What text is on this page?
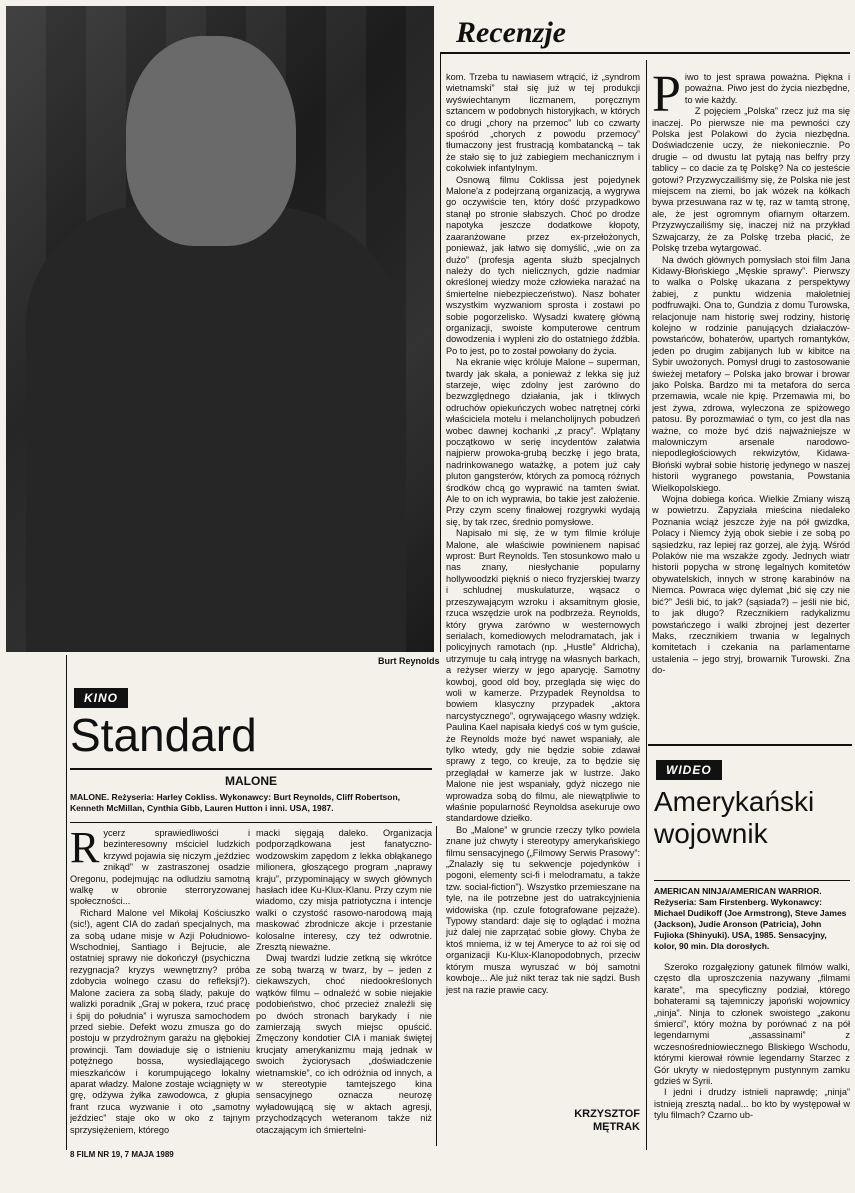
Burt Reynolds
Recenzje
KINO
Standard
MALONE
MALONE. Reżyseria: Harley Cokliss. Wykonawcy: Burt Reynolds, Cliff Robertson, Kenneth McMillan, Cynthia Gibb, Lauren Hutton i inni. USA, 1987.
R ycerz sprawiedliwości i bezinteresowny mściciel ludzkich krzywd pojawia się niczym „jeździec znikąd” w zastraszonej osadzie Oregonu, podejmując na odludziu samotną walkę w obronie sterroryzowanej społeczności...

Richard Malone vel Mikołaj Kościuszko (sic!), agent CIA do zadań specjalnych, ma za sobą udane misje w Azji Południowo-Wschodniej, Santiago i Bejrucie, ale ostatniej sprawy nie dokończył (psychiczna rezygnacja? kryzys wewnętrzny? próba zdobycia wolnego czasu do refleksji?). Malone zaciera za sobą ślady, pakuje do walizki poradnik „Graj w pokera, rzuć pracę i śpij do południa” i wyrusza samochodem przed siebie. Defekt wozu zmusza go do postoju w przydrożnym garażu na głębokiej prowincji. Tam dowiaduje się o istnieniu potężnego bossa, wysiedlającego mieszkańców i korumpującego lokalny aparat władzy. Malone zostaje wciągnięty w grę, odżywa żyłka zawodowca, z głupia frant rzuca wyzwanie i oto „samotny jeździec” staje oko w oko z tajnym sprzysiężeniem, którego

macki sięgają daleko. Organizacja podporządkowana jest fanatyczno-wodzowskim zapędom z lekka obłąkanego milionera, głoszącego program „naprawy kraju”, przypominający w swych głównych hasłach idee Ku-Klux-Klanu. Przy czym nie wiadomo, czy misja patriotyczna i intencje walki o czystość rasowo-narodową mają maskować zbrodnicze akcje i przestanie kolosalne interesy, czy też odwrotnie. Zresztą nieważne.

Dwaj twardzi ludzie zetkną się wkrótce ze sobą twarzą w twarz, by – jeden z ciekawszych, choć niedookreślonych wątków filmu – odnaleźć w sobie niejakie podobieństwo, choć przecież znaleźli się po dwóch stronach barykady i nie zamierzają swych miejsc opuścić. Zmęczony kondotier CIA i maniak świętej krucjaty amerykanizmu mają jednak w swoich życiorysach „doświadczenie wietnamskie”, co ich odróżnia od innych, a w stereotypie tamtejszego kina sensacyjnego oznacza neurozę wyładowującą się w aktach agresji, przychodzących weteranom także niż otaczającym ich śmiertelni-

kom. Trzeba tu nawiasem wtrącić, iż „syndrom wietnamski” stał się już w tej produkcji wyświechtanym liczmanem, poręcznym sztancem w podobnych historyjkach, w których co drugi „chory na przemoc” lub co czwarty spośród „chorych z powodu przemocy” tłumaczony jest frustracją kombatancką – tak że stało się to już zabiegiem mechanicznym i cokolwiek infantylnym.

Osnową filmu Coklissa jest pojedynek Malone'a z podejrzaną organizacją, a wygrywa go oczywiście ten, który dość przypadkowo stanął po stronie słabszych. Choć po drodze napotyka jeszcze dodatkowe kłopoty, zaaranżowane przez ex-przełożonych, ponieważ, jak łatwo się domyślić, „wie on za dużo” (profesja agenta służb specjalnych należy do tych nielicznych, gdzie nadmiar określonej wiedzy może człowieka narażać na śmiertelne niebezpieczeństwo). Nasz bohater wszystkim wyzwaniom sprosta i zostawi po sobie pogorzelisko. Wysadzi kwaterę główną organizacji, swoiste komputerowe centrum dowodzenia i wypleni zło do ostatniego źdźbła. Po to jest, po to został powołany do życia.

Na ekranie więc króluje Malone – superman, twardy jak skała, a ponieważ z lekka się już starzeje, więc zdolny jest zarówno do bezwzględnego działania, jak i tkliwych odruchów opiekuńczych wobec natrętnej córki właściciela motelu i melancholijnych pobudzeń wobec dawnej kochanki „z pracy”. Wplątany początkowo w serię incydentów załatwia najpierw prowoka-grubą beczkę i jego brata, nadrinkowanego watażkę, a potem już cały pluton gangsterów, których za pomocą różnych środków chcą go wyprawić na tamten świat. Ale to on ich wyprawia, bo takie jest założenie. Przy czym sceny finałowej rozgrywki wydają się, by tak rzec, średnio pomysłowe.

Napisało mi się, że w tym filmie króluje Malone, ale właściwie powinienem napisać wprost: Burt Reynolds. Ten stosunkowo mało u nas znany, niesłychanie popularny hollywoodzki piękniś o nieco fryzjerskiej twarzy i schludnej muskulaturze, wąsacz o przeszywającym wzroku i aksamitnym głosie, rzuca wszędzie urok na podbrzeża. Reynolds, który grywa zarówno w westernowych serialach, komediowych melodramatach, jak i policyjnych ramotach (np. „Hustle” Aldricha), utrzymuje tu całą intrygę na własnych barkach, a reżyser wierzy w jego aparycję. Samotny kowboj, good old boy, przegląda się więc do woli w kamerze. Przypadek Reynoldsa to bowiem klasyczny przypadek „aktora narcystycznego”, ogrywającego własny wdzięk. Paulina Kael napisała kiedyś coś w tym guście, że Reynolds może być nawet wspaniały, ale tylko wtedy, gdy nie będzie sobie zdawał sprawy z tego, co kreuje, za to będzie się przeglądał w kamerze jak w lustrze. Jako Malone nie jest wspaniały, gdyż niczego nie wprowadza sobą do filmu, ale niewątpliwie to właśnie popularność Reynoldsa asekuruje owo standardowe dziełko.

Bo „Malone” w gruncie rzeczy tylko powiela znane już chwyty i stereotypy amerykańskiego filmu sensacyjnego („Filmowy Serwis Prasowy”: „Znalazły się tu sekwencje pojedynków i pogoni, elementy sci-fi i melodramatu, a także tzw. social-fiction”). Wszystko przemieszane na tyle, na ile potrzebne jest do uatrakcyjnienia widowiska (np. czule fotografowane pejzaże). Typowy standard: daje się to oglądać i można już dalej nie zaprzątać sobie głowy. Chyba że ktoś mniema, iż w tej Ameryce to aż roi się od organizacji Ku-Klux-Klanopodobnych, przeciw którym musza wyruszać w bój samotni kowboje... Ale już nikt teraz tak nie sądzi. Bush jest na razie prawie cacy.

KRZYSZTOF
MĘTRAK
P iwo to jest sprawa poważna. Piękna i poważna. Piwo jest do życia niezbędne, to wie każdy.

Z pojęciem „Polska” rzecz już ma się inaczej. Po pierwsze nie ma pewności czy Polska jest Polakowi do życia niezbędna. Doświadczenie uczy, że niekoniecznie. Po drugie – od dwustu lat pytają nas belfry przy tablicy – co dacie za tę Polskę? Na co jesteście gotowi? Przyzwyczailiśmy się, że Polska nie jest miejscem na ziemi, bo jak wózek na kółkach bywa przesuwana raz w tę, raz w tamtą stronę, ale, że jest ogromnym ofiarnym ołtarzem. Przyzwyczailiśmy się, inaczej niż na przykład Szwajcarzy, że za Polskę trzeba płacić, że Polskę trzeba wytargować.

Na dwóch głównych pomysłach stoi film Jana Kidawy-Błońskiego „Męskie sprawy”. Pierwszy to walka o Polskę ukazana z perspektywy żabiej, z punktu widzenia małoletniej podfruwajki. Ona to, Gundzia z domu Turowska, relacjonuje nam historię swej rodziny, historię kolejno w rodzinie panujących działaczów-powstańców, bohaterów, upartych romantyków, jeden po drugim zabijanych lub w kibitce na Sybir uwożonych. Pomysł drugi to zastosowanie świeżej metafory – Polska jako browar i browar jako Polska. Bardzo mi ta metafora do serca przemawia, wcale nie kpię. Przemawia mi, bo jest żywa, zdrowa, wyleczona ze spiżowego patosu. By porozmawiać o tym, co jest dla nas ważne, co może być dziś najważniejsze w malowniczym arsenale narodowo-niepodległościowych rekwizytów, Kidawa-Błoński wybrał sobie historię jedynego w naszej historii wygranego powstania, Powstania Wielkopolskiego.

Wojna dobiega końca. Wielkie Zmiany wiszą w powietrzu. Zapyziała mieścina niedaleko Poznania wciąż jeszcze żyje na pół gwizdka, Polacy i Niemcy żyją obok siebie i ze sobą po sąsiedzku, raz lepiej raz gorzej, ale żyją. Wśród Polaków nie ma wszakże zgody. Jednych wiatr historii popycha w stronę legalnych komitetów obywatelskich, innych w stronę karabinów na Niemca. Powraca więc dylemat „bić się czy nie bić?” Jeśli bić, to jak? (sąsiada?) – jeśli nie bić, to jak długo? Rzecznikiem radykalizmu powstańczego i walki zbrojnej jest dezerter Maks, rzecznikiem trwania w legalnych komitetach i czekania na parlamentarne ustalenia – jego stryj, browarnik Turowski. Zna do-

WIDEO
Amerykański
wojownik
AMERICAN NINJA/AMERICAN WARRIOR. Reżyseria: Sam Firstenberg. Wykonawcy: Michael Dudikoff (Joe Armstrong), Steve James (Jackson), Judie Aronson (Patricia), John Fujioka (Shinyuki). USA, 1985. Sensacyjny, kolor, 90 min. Dla dorosłych.

Szeroko rozgałęziony gatunek filmów walki, często dla uproszczenia nazywany „filmami karate”, ma specyficzny podział, którego bohaterami są tajemniczy japoński wojownicy „ninja”. Ninja to członek swoistego „zakonu śmierci”, który można by porównać z na pół legendarnymi „assassinami” z wczesnośredniowiecznego Bliskiego Wschodu, którymi kierował równie legendarny Starzec z Gór ukryty w niedostępnym pustynnym zamku gdzieś w Syrii.

I jedni i drudzy istnieli naprawdę; „ninja” istnieją zresztą nadal... bo kto by występował w tylu filmach? Czarno ub-

8 FILM NR 19, 7 MAJA 1989
